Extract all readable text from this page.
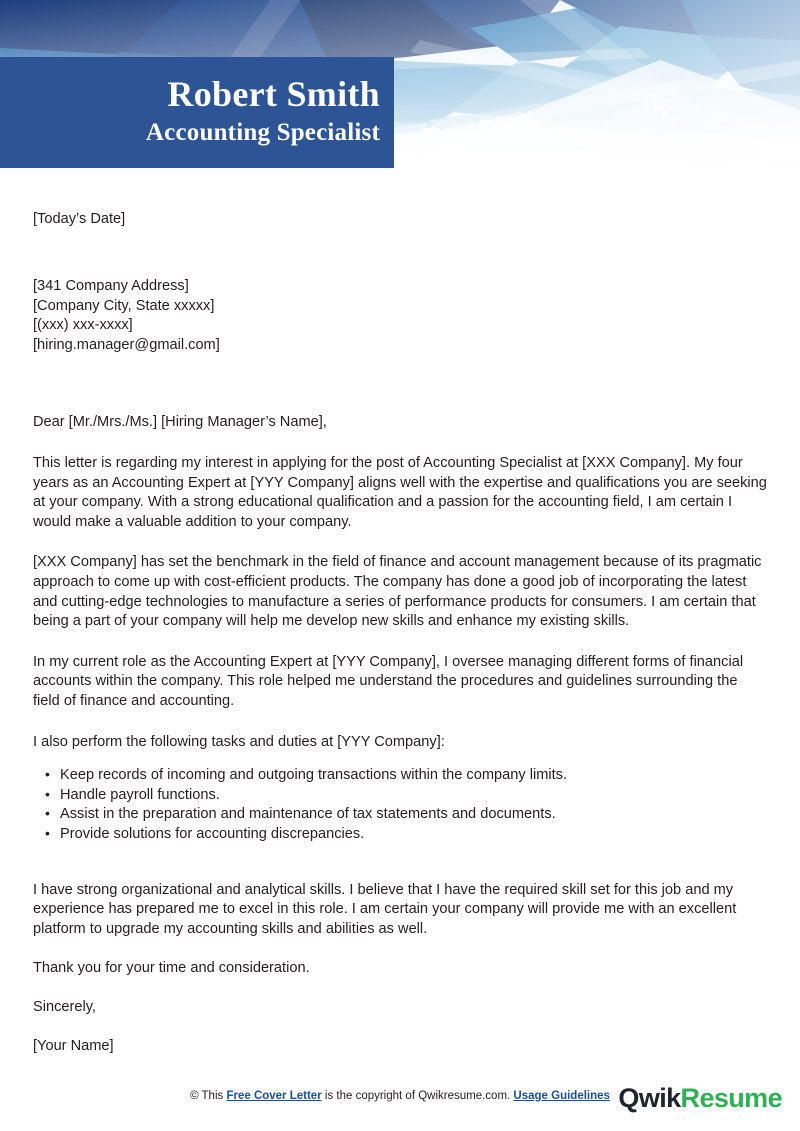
Robert Smith
Accounting Specialist
[Today’s Date]
[341 Company Address]
[Company City, State xxxxx]
[(xxx) xxx-xxxx]
[hiring.manager@gmail.com]
Dear [Mr./Mrs./Ms.] [Hiring Manager’s Name],

This letter is regarding my interest in applying for the post of Accounting Specialist at [XXX Company]. My four years as an Accounting Expert at [YYY Company] aligns well with the expertise and qualifications you are seeking at your company. With a strong educational qualification and a passion for the accounting field, I am certain I would make a valuable addition to your company.

[XXX Company] has set the benchmark in the field of finance and account management because of its pragmatic approach to come up with cost-efficient products. The company has done a good job of incorporating the latest and cutting-edge technologies to manufacture a series of performance products for consumers. I am certain that being a part of your company will help me develop new skills and enhance my existing skills.

In my current role as the Accounting Expert at [YYY Company], I oversee managing different forms of financial accounts within the company. This role helped me understand the procedures and guidelines surrounding the field of finance and accounting.

I also perform the following tasks and duties at [YYY Company]:

• Keep records of incoming and outgoing transactions within the company limits.
• Handle payroll functions.
• Assist in the preparation and maintenance of tax statements and documents.
• Provide solutions for accounting discrepancies.

I have strong organizational and analytical skills. I believe that I have the required skill set for this job and my experience has prepared me to excel in this role. I am certain your company will provide me with an excellent platform to upgrade my accounting skills and abilities as well.

Thank you for your time and consideration.

Sincerely,

[Your Name]

© This Free Cover Letter is the copyright of Qwikresume.com. Usage Guidelines QwikResume
